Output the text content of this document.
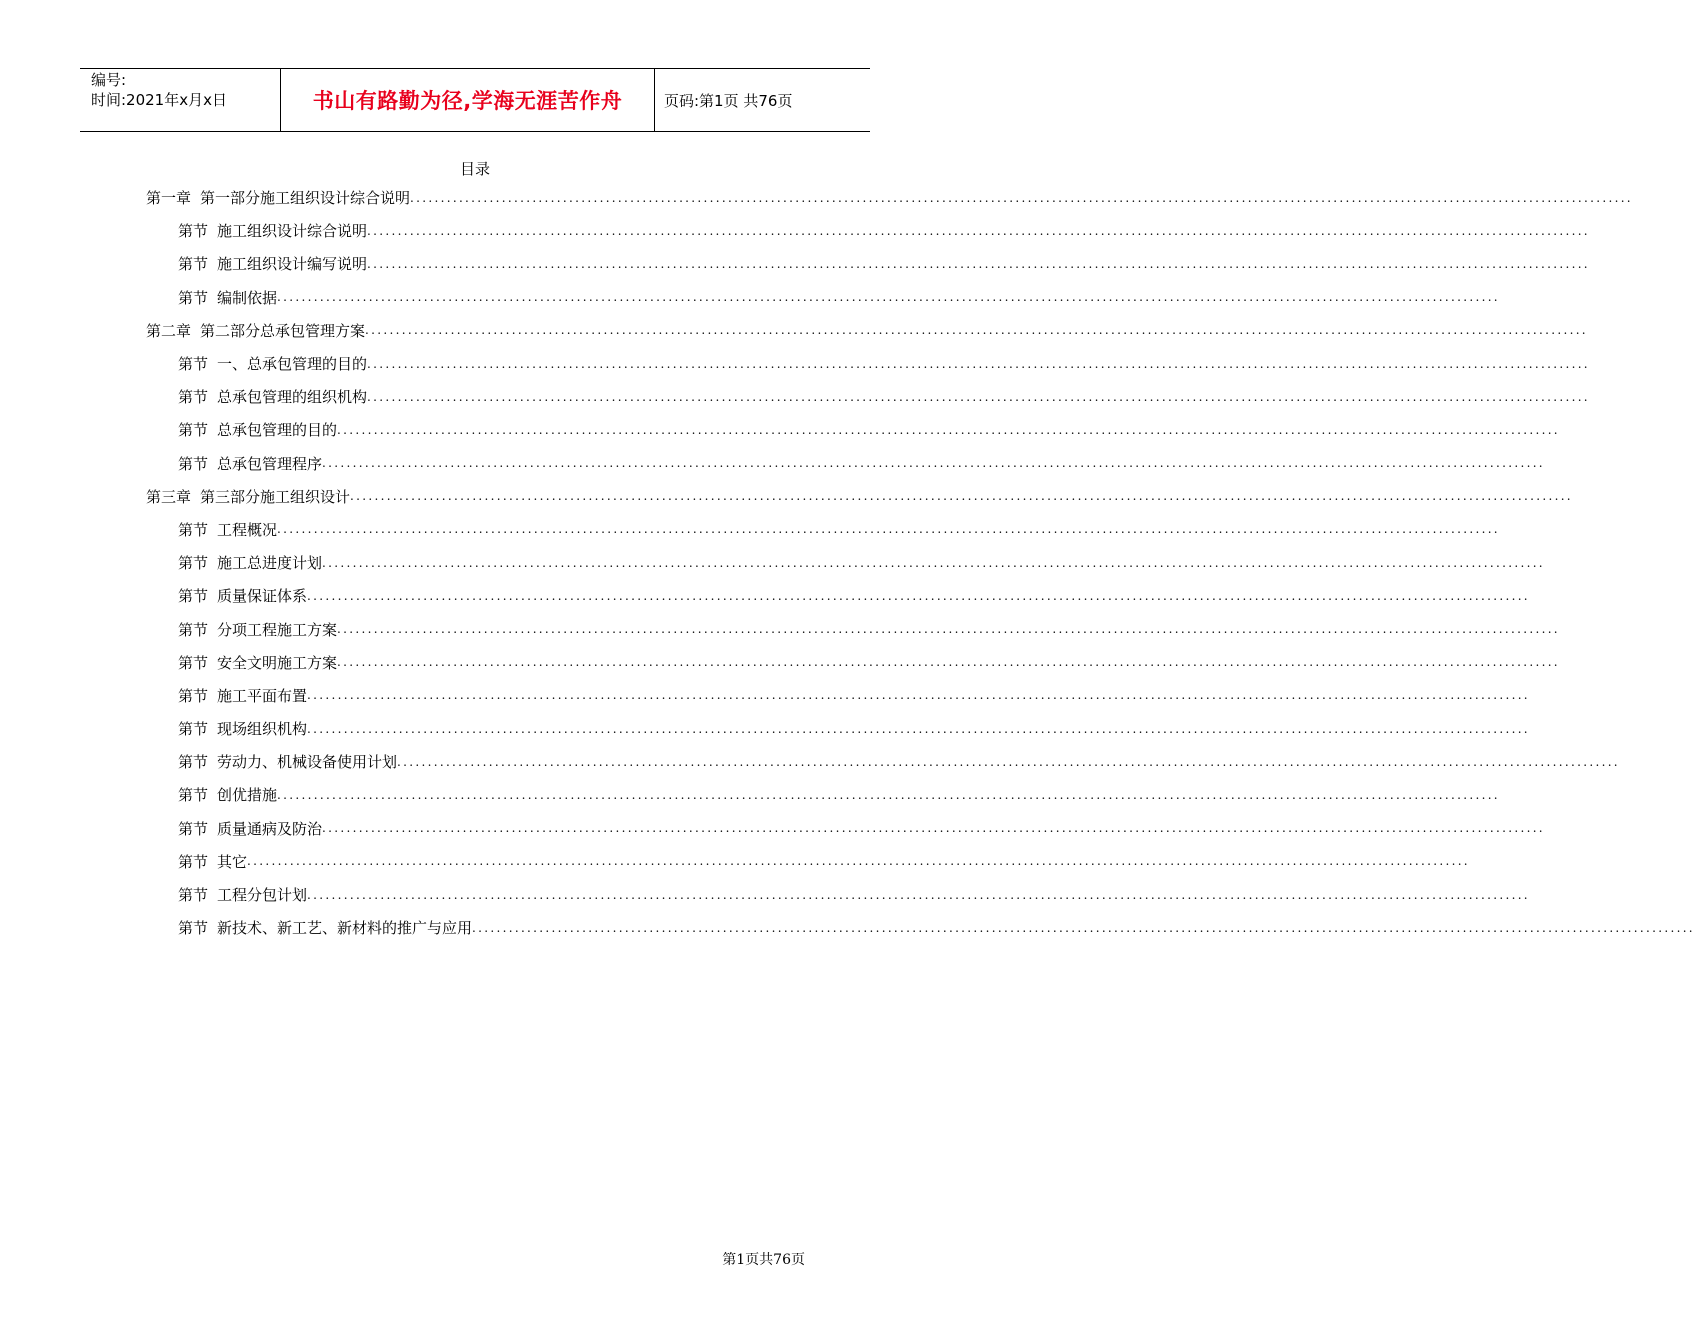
编号:
时间:2021年x月x日	书山有路勤为径,学海无涯苦作舟	页码:第1页 共76页
目录
第一章 第一部分施工组织设计综合说明 ........................................................................................................................................................................................................
第节 施工组织设计综合说明 ........................................................................................................................................................................................................
第节 施工组织设计编写说明 ........................................................................................................................................................................................................
第节 编制依据 ........................................................................................................................................................................................................
第二章 第二部分总承包管理方案 ........................................................................................................................................................................................................
第节 一、总承包管理的目的 ........................................................................................................................................................................................................
第节 总承包管理的组织机构 ........................................................................................................................................................................................................
第节 总承包管理的目的 ........................................................................................................................................................................................................
第节 总承包管理程序 ........................................................................................................................................................................................................
第三章 第三部分施工组织设计 ........................................................................................................................................................................................................
第节 工程概况 ........................................................................................................................................................................................................
第节 施工总进度计划 ........................................................................................................................................................................................................
第节 质量保证体系 ........................................................................................................................................................................................................
第节 分项工程施工方案 ........................................................................................................................................................................................................
第节 安全文明施工方案 ........................................................................................................................................................................................................
第节 施工平面布置 ........................................................................................................................................................................................................
第节 现场组织机构 ........................................................................................................................................................................................................
第节 劳动力、机械设备使用计划 ........................................................................................................................................................................................................
第节 创优措施 ........................................................................................................................................................................................................
第节 质量通病及防治 ........................................................................................................................................................................................................
第节 其它 ........................................................................................................................................................................................................
第节 工程分包计划 ........................................................................................................................................................................................................
第节 新技术、新工艺、新材料的推广与应用 ........................................................................................................................................................................................................
第1页共76页
